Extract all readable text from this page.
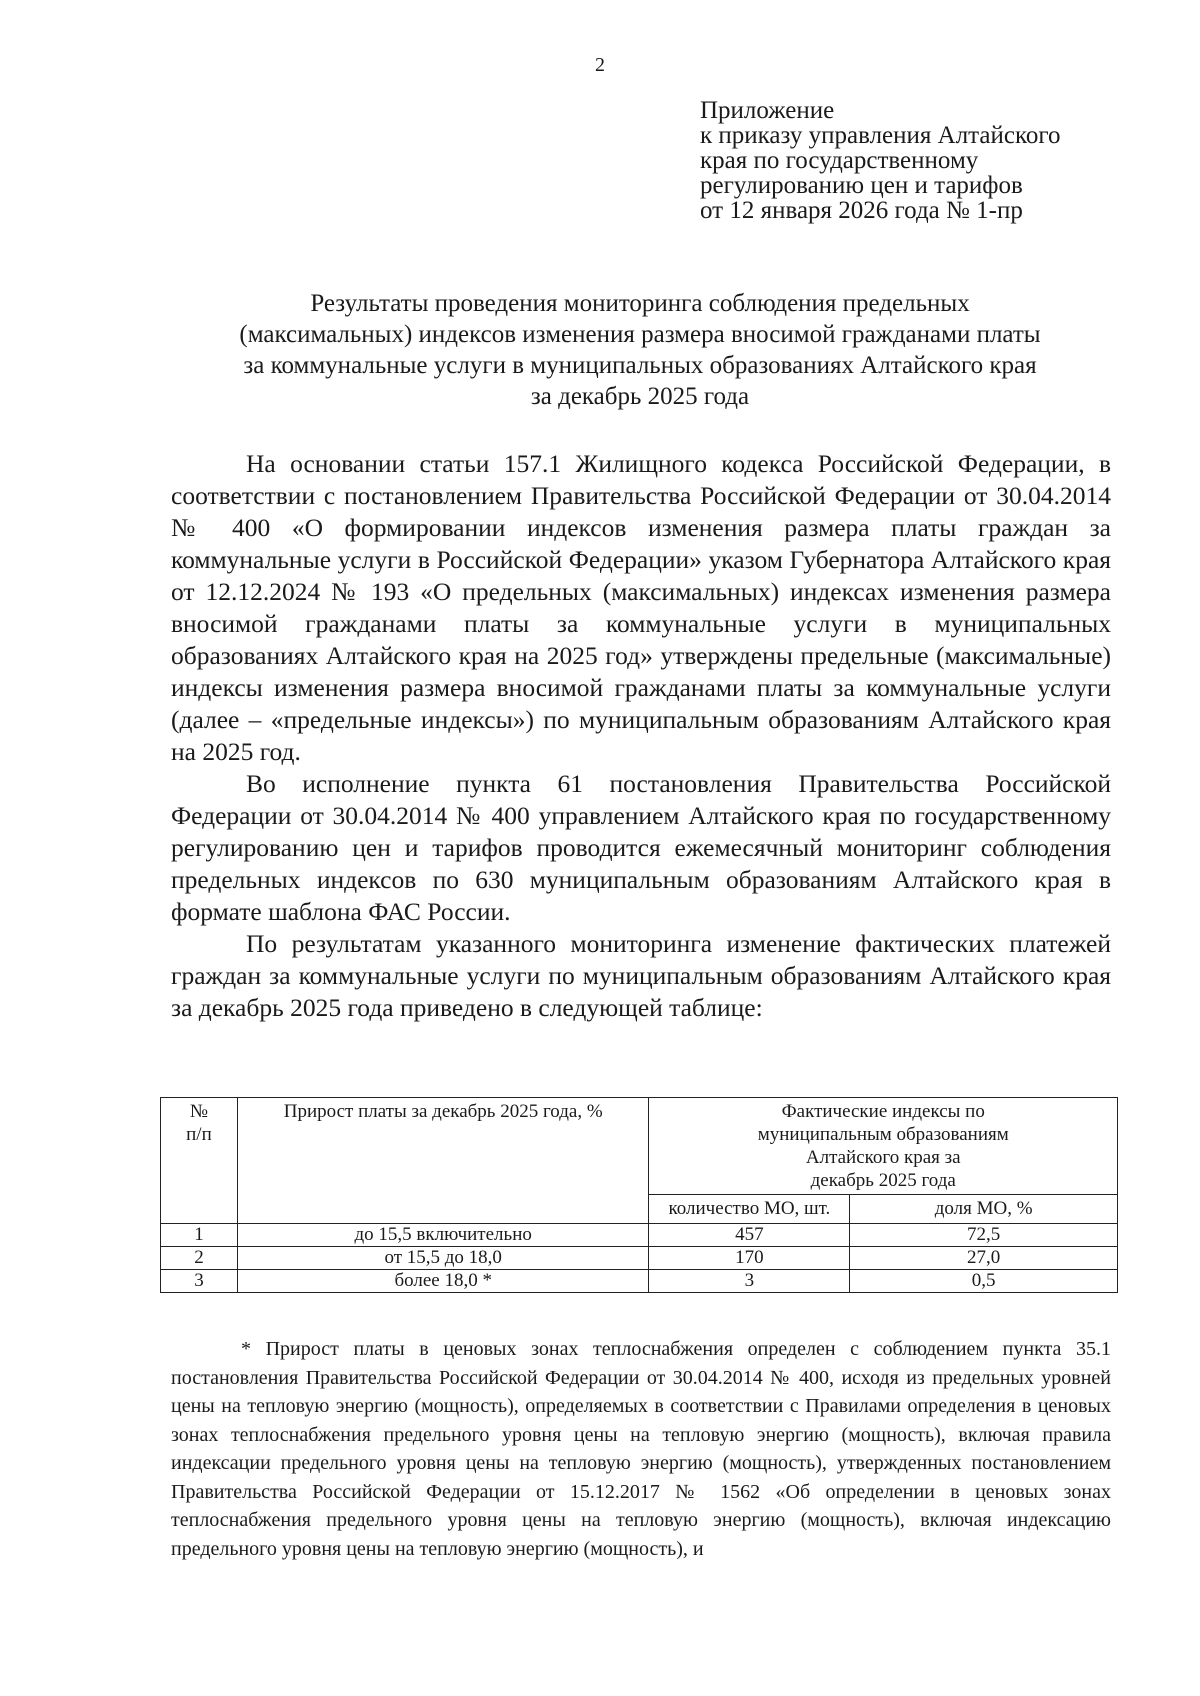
2
Приложение
к приказу управления Алтайского
края по государственному
регулированию цен и тарифов
от 12 января 2026 года № 1-пр
Результаты проведения мониторинга соблюдения предельных
(максимальных) индексов изменения размера вносимой гражданами платы
за коммунальные услуги в муниципальных образованиях Алтайского края
за декабрь 2025 года

На основании статьи 157.1 Жилищного кодекса Российской Федерации, в соответствии с постановлением Правительства Российской Федерации от 30.04.2014 № 400 «О формировании индексов изменения размера платы граждан за коммунальные услуги в Российской Федерации» указом Губернатора Алтайского края от 12.12.2024 № 193 «О предельных (максимальных) индексах изменения размера вносимой гражданами платы за коммунальные услуги в муниципальных образованиях Алтайского края на 2025 год» утверждены предельные (максимальные) индексы изменения размера вносимой гражданами платы за коммунальные услуги (далее – «предельные индексы») по муниципальным образованиям Алтайского края на 2025 год.

Во исполнение пункта 61 постановления Правительства Российской Федерации от 30.04.2014 № 400 управлением Алтайского края по государственному регулированию цен и тарифов проводится ежемесячный мониторинг соблюдения предельных индексов по 630 муниципальным образованиям Алтайского края в формате шаблона ФАС России.

По результатам указанного мониторинга изменение фактических платежей граждан за коммунальные услуги по муниципальным образованиям Алтайского края за декабрь 2025 года приведено в следующей таблице:

№
п/п	Прирост платы за декабрь 2025 года, %	Фактические индексы по
муниципальным образованиям
Алтайского края за
декабрь 2025 года	
		количество МО, шт.	доля МО, %
1	до 15,5 включительно	457	72,5
2	от 15,5 до 18,0	170	27,0
3	более 18,0 *	3	0,5

* Прирост платы в ценовых зонах теплоснабжения определен с соблюдением пункта 35.1 постановления Правительства Российской Федерации от 30.04.2014 № 400, исходя из предельных уровней цены на тепловую энергию (мощность), определяемых в соответствии с Правилами определения в ценовых зонах теплоснабжения предельного уровня цены на тепловую энергию (мощность), включая правила индексации предельного уровня цены на тепловую энергию (мощность), утвержденных постановлением Правительства Российской Федерации от 15.12.2017 № 1562 «Об определении в ценовых зонах теплоснабжения предельного уровня цены на тепловую энергию (мощность), включая индексацию предельного уровня цены на тепловую энергию (мощность), и
